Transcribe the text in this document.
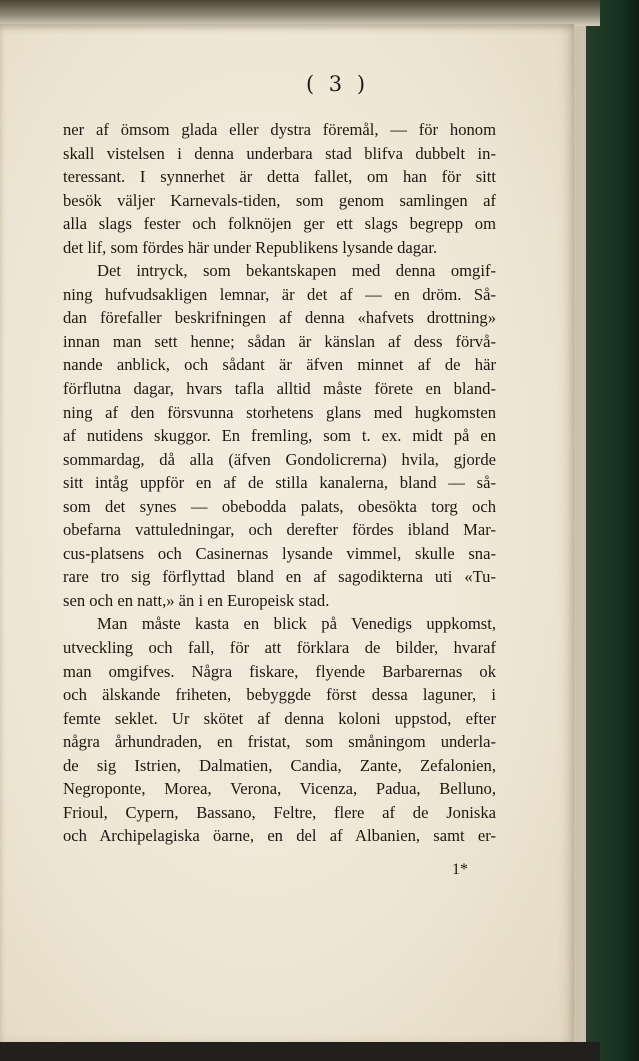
( 3 )
ner af ömsom glada eller dystra föremål, — för honom
skall vistelsen i denna underbara stad blifva dubbelt in-
teressant. I synnerhet är detta fallet, om han för sitt
besök väljer Karnevals-tiden, som genom samlingen af
alla slags fester och folknöjen ger ett slags begrepp om
det lif, som fördes här under Republikens lysande dagar.
Det intryck, som bekantskapen med denna omgif-
ning hufvudsakligen lemnar, är det af — en dröm. Så-
dan förefaller beskrifningen af denna «hafvets drottning»
innan man sett henne; sådan är känslan af dess förvå-
nande anblick, och sådant är äfven minnet af de här
förflutna dagar, hvars tafla alltid måste förete en bland-
ning af den försvunna storhetens glans med hugkomsten
af nutidens skuggor. En fremling, som t. ex. midt på en
sommardag, då alla (äfven Gondolicrerna) hvila, gjorde
sitt intåg uppför en af de stilla kanalerna, bland — så-
som det synes — obebodda palats, obesökta torg och
obefarna vattuledningar, och derefter fördes ibland Mar-
cus-platsens och Casinernas lysande vimmel, skulle sna-
rare tro sig förflyttad bland en af sagodikterna uti «Tu-
sen och en natt,» än i en Europeisk stad.
Man måste kasta en blick på Venedigs uppkomst,
utveckling och fall, för att förklara de bilder, hvaraf
man omgifves. Några fiskare, flyende Barbarernas ok
och älskande friheten, bebyggde först dessa laguner, i
femte seklet. Ur skötet af denna koloni uppstod, efter
några århundraden, en fristat, som småningom underla-
de sig Istrien, Dalmatien, Candia, Zante, Zefalonien,
Negroponte, Morea, Verona, Vicenza, Padua, Belluno,
Frioul, Cypern, Bassano, Feltre, flere af de Joniska
och Archipelagiska öarne, en del af Albanien, samt er-
1*
